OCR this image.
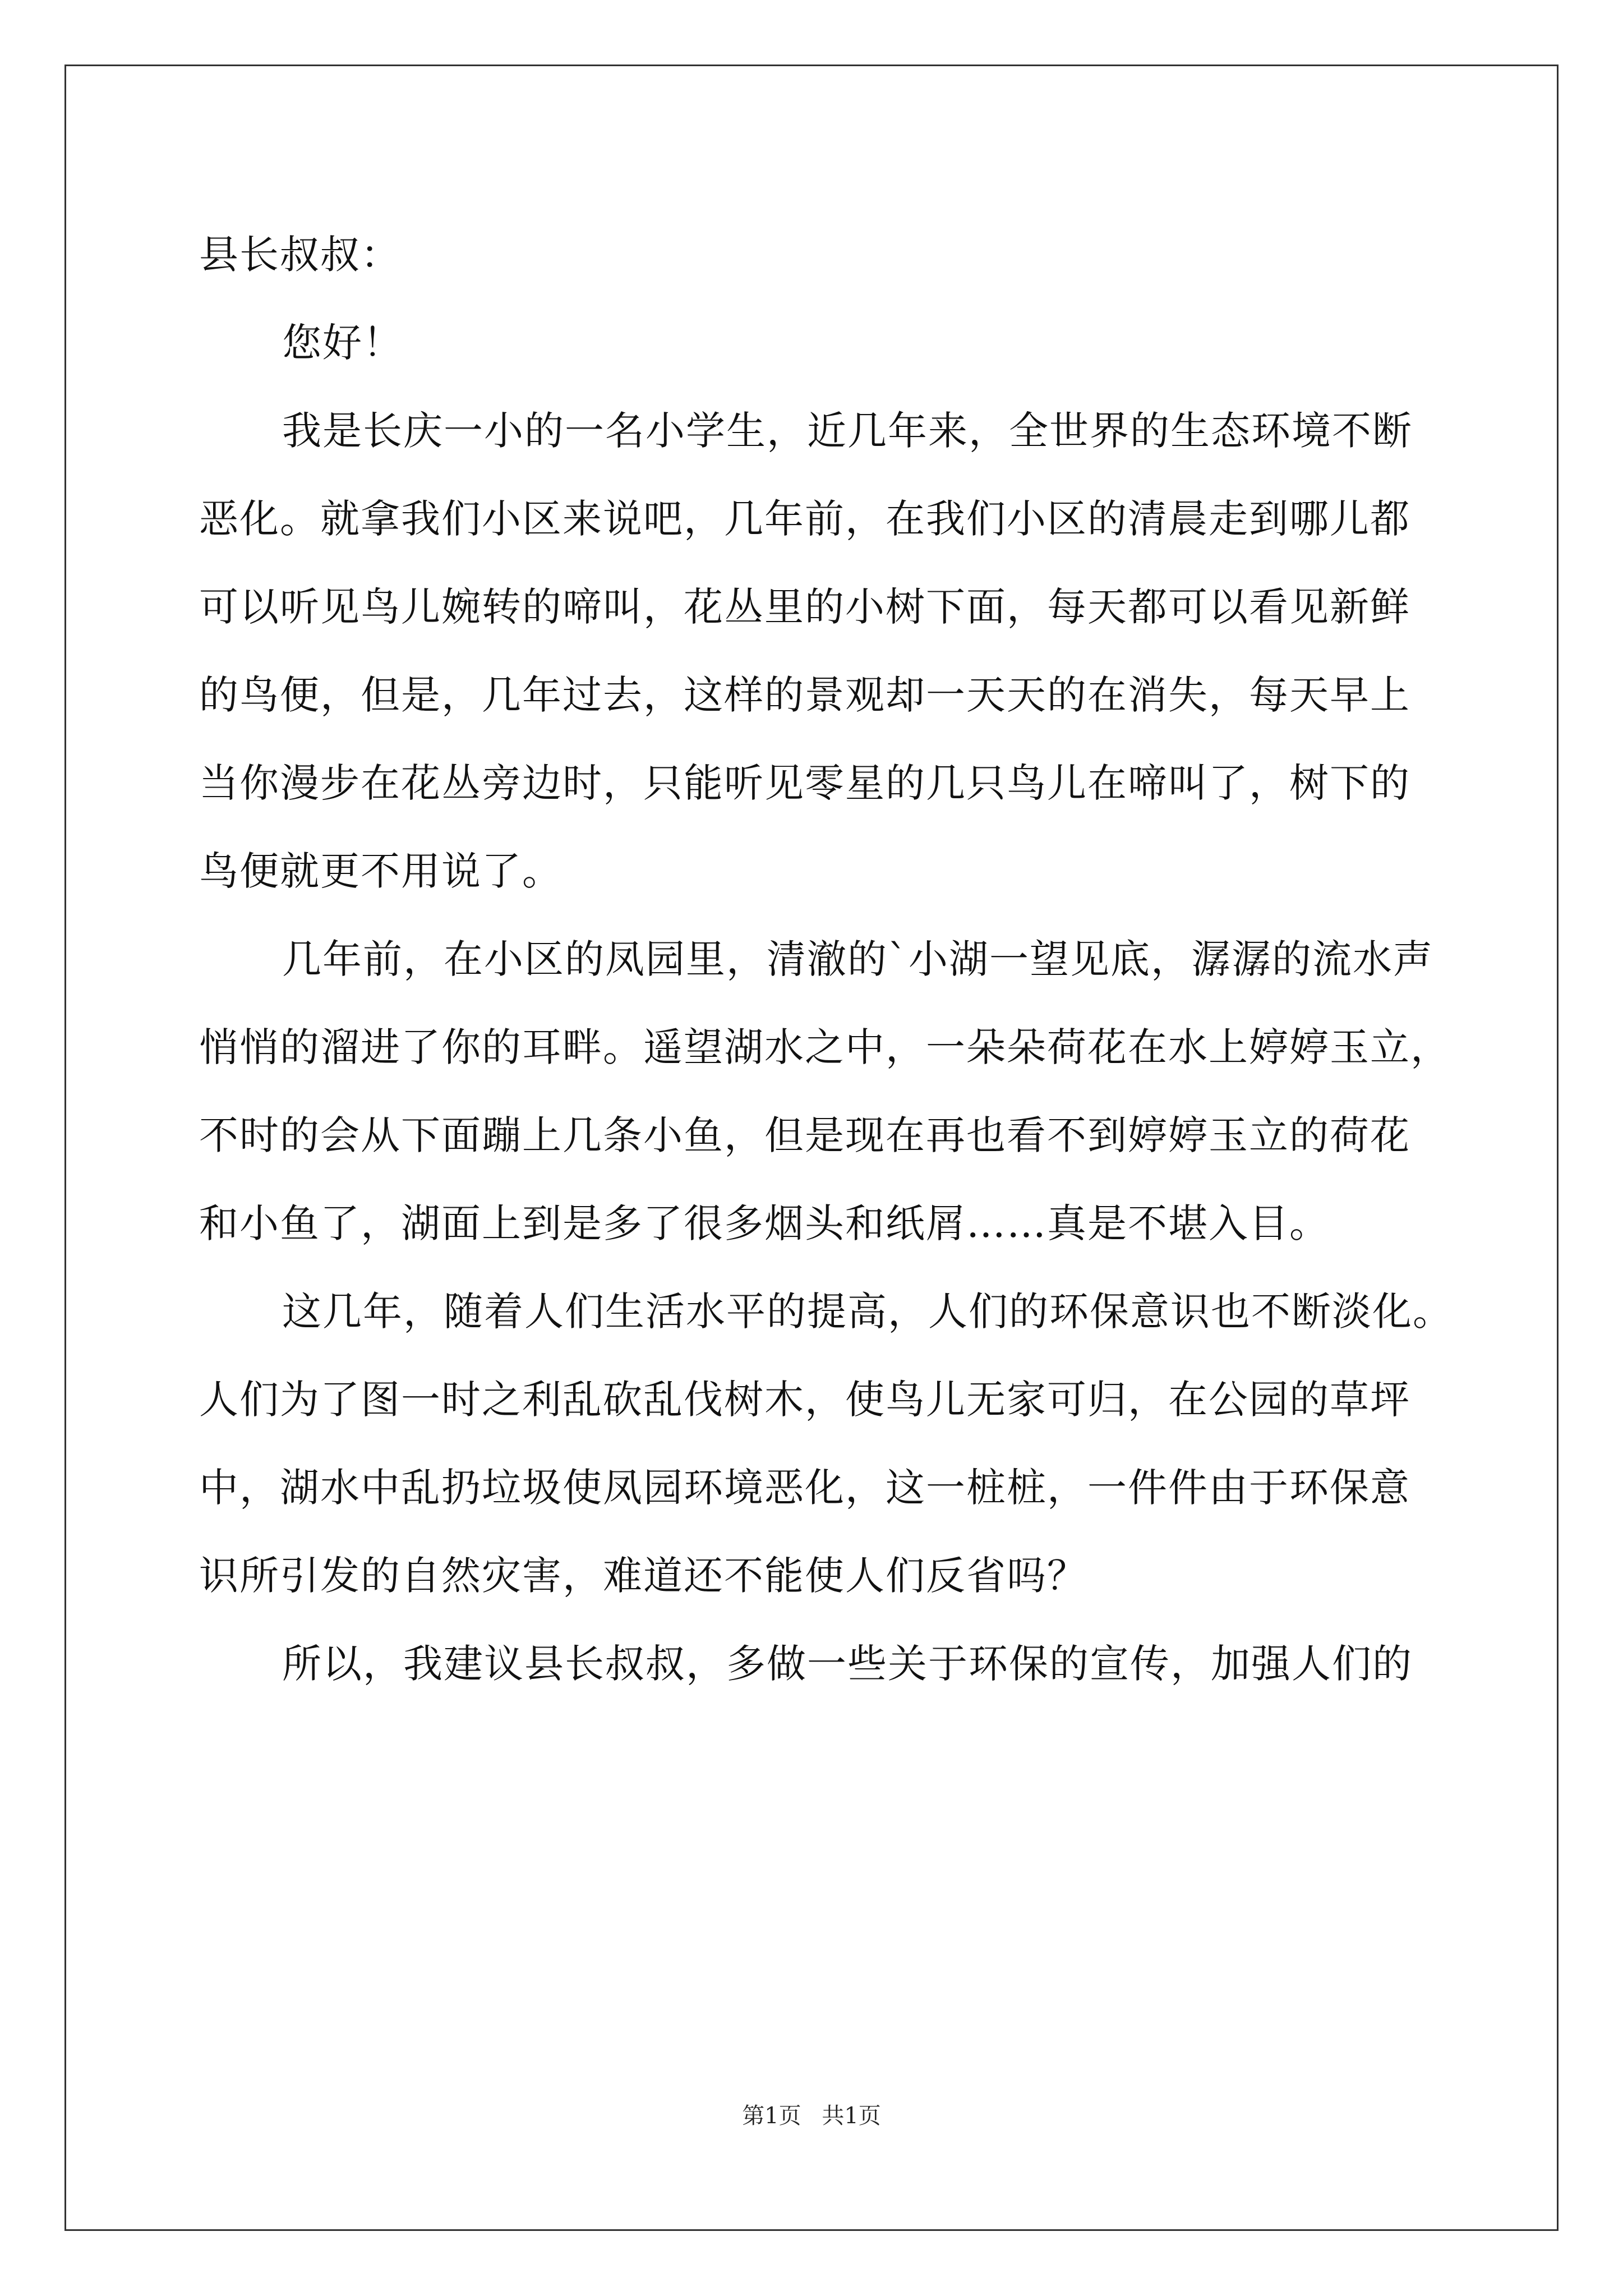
县长叔叔：
您好！
我是长庆一小的一名小学生，近几年来，全世界的生态环境不断
恶化。就拿我们小区来说吧，几年前，在我们小区的清晨走到哪儿都
可以听见鸟儿婉转的啼叫，花丛里的小树下面，每天都可以看见新鲜
的鸟便，但是，几年过去，这样的景观却一天天的在消失，每天早上
当你漫步在花丛旁边时，只能听见零星的几只鸟儿在啼叫了，树下的
鸟便就更不用说了。
几年前，在小区的凤园里，清澈的`小湖一望见底，潺潺的流水声
悄悄的溜进了你的耳畔。遥望湖水之中，一朵朵荷花在水上婷婷玉立，
不时的会从下面蹦上几条小鱼，但是现在再也看不到婷婷玉立的荷花
和小鱼了，湖面上到是多了很多烟头和纸屑……真是不堪入目。
这几年，随着人们生活水平的提高，人们的环保意识也不断淡化。
人们为了图一时之利乱砍乱伐树木，使鸟儿无家可归，在公园的草坪
中，湖水中乱扔垃圾使凤园环境恶化，这一桩桩，一件件由于环保意
识所引发的自然灾害，难道还不能使人们反省吗？
所以，我建议县长叔叔，多做一些关于环保的宣传，加强人们的
第1页 共1页
